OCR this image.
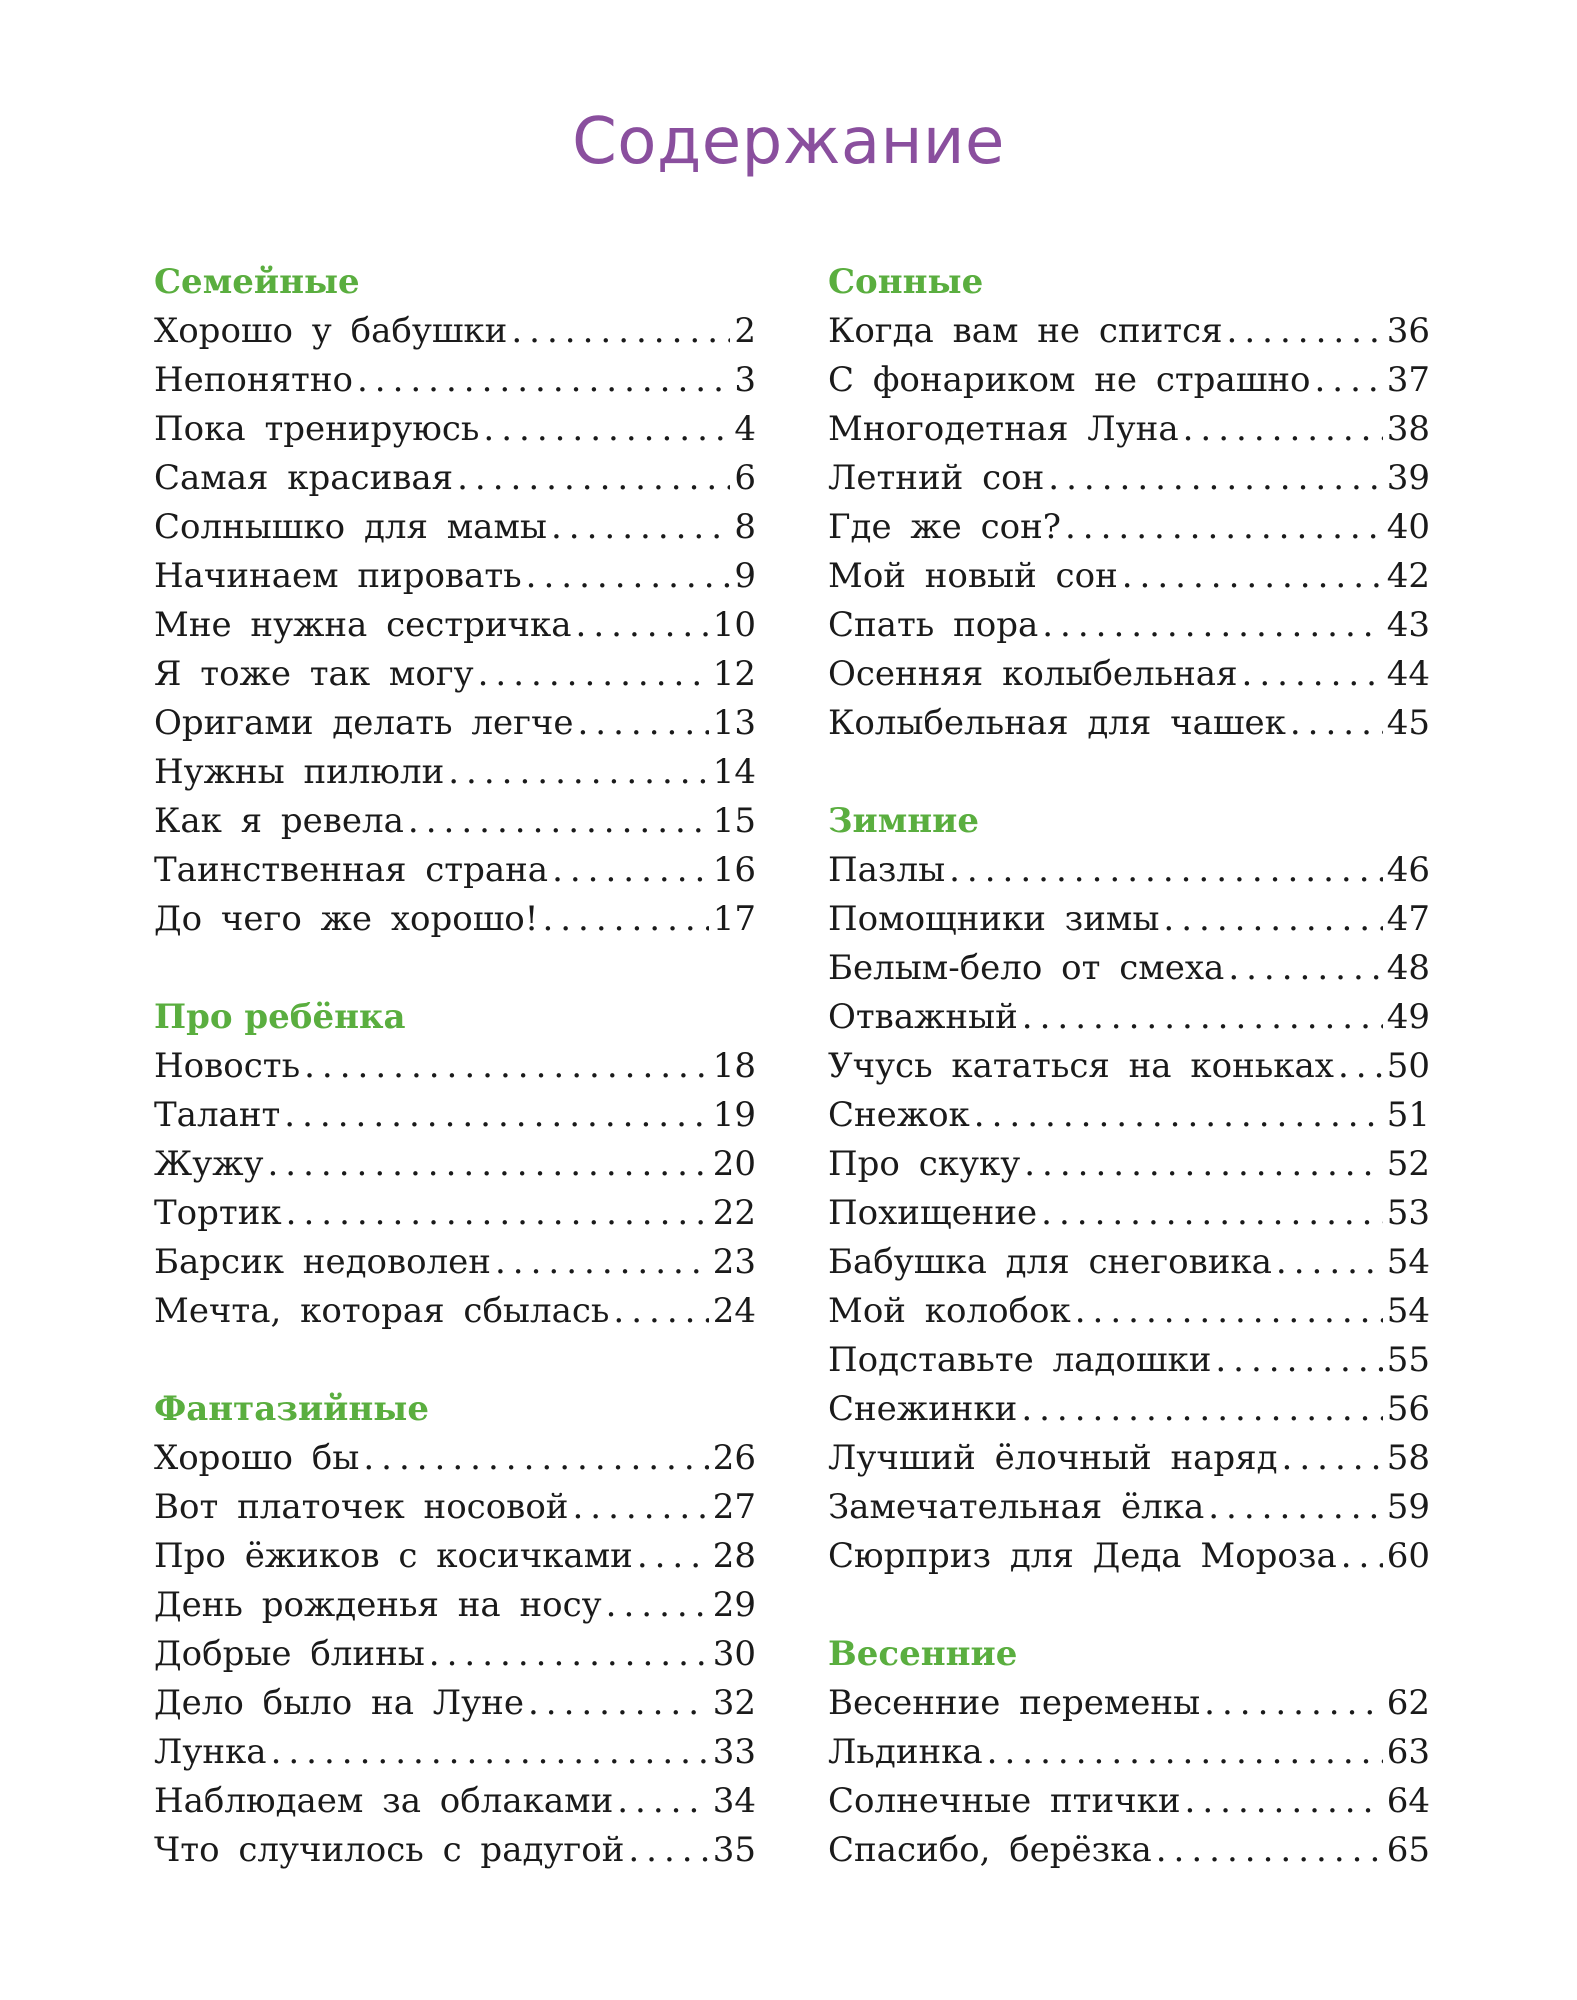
Содержание
Семейные
Хорошо у бабушки .....	2
Непонятно .....	3
Пока тренируюсь .....	4
Самая красивая .....	6
Солнышко для мамы .....	8
Начинаем пировать .....	9
Мне нужна сестричка .....	10
Я тоже так могу .....	12
Оригами делать легче .....	13
Нужны пилюли .....	14
Как я ревела .....	15
Таинственная страна .....	16
До чего же хорошо! .....	17
Про ребёнка
Новость .....	18
Талант .....	19
Жужу .....	20
Тортик .....	22
Барсик недоволен .....	23
Мечта, которая сбылась .....	24
Фантазийные
Хорошо бы .....	26
Вот платочек носовой .....	27
Про ёжиков с косичками ..... 28
День рожденья на носу .....	29
Добрые блины .....	30
Дело было на Луне .....	32
Лунка .....	33
Наблюдаем за облаками .....	34
Что случилось с радугой .....	35
Сонные
Когда вам не спится .....	36
С фонариком не страшно ..... 37
Многодетная Луна .....	38
Летний сон .....	39
Где же сон? .....	40
Мой новый сон .....	42
Спать пора .....	43
Осенняя колыбельная .....	44
Колыбельная для чашек .....	45
Зимние
Пазлы .....	46
Помощники зимы .....	47
Белым-бело от смеха .....	48
Отважный .....	49
Учусь кататься на коньках ..... 50
Снежок .....	51
Про скуку .....	52
Похищение .....	53
Бабушка для снеговика .....	54
Мой колобок .....	54
Подставьте ладошки .....	55
Снежинки .....	56
Лучший ёлочный наряд .....	58
Замечательная ёлка .....	59
Сюрприз для Деда Мороза ..... 60
Весенние
Весенние перемены .....	62
Льдинка .....	63
Солнечные птички .....	64
Спасибо, берёзка .....	65
